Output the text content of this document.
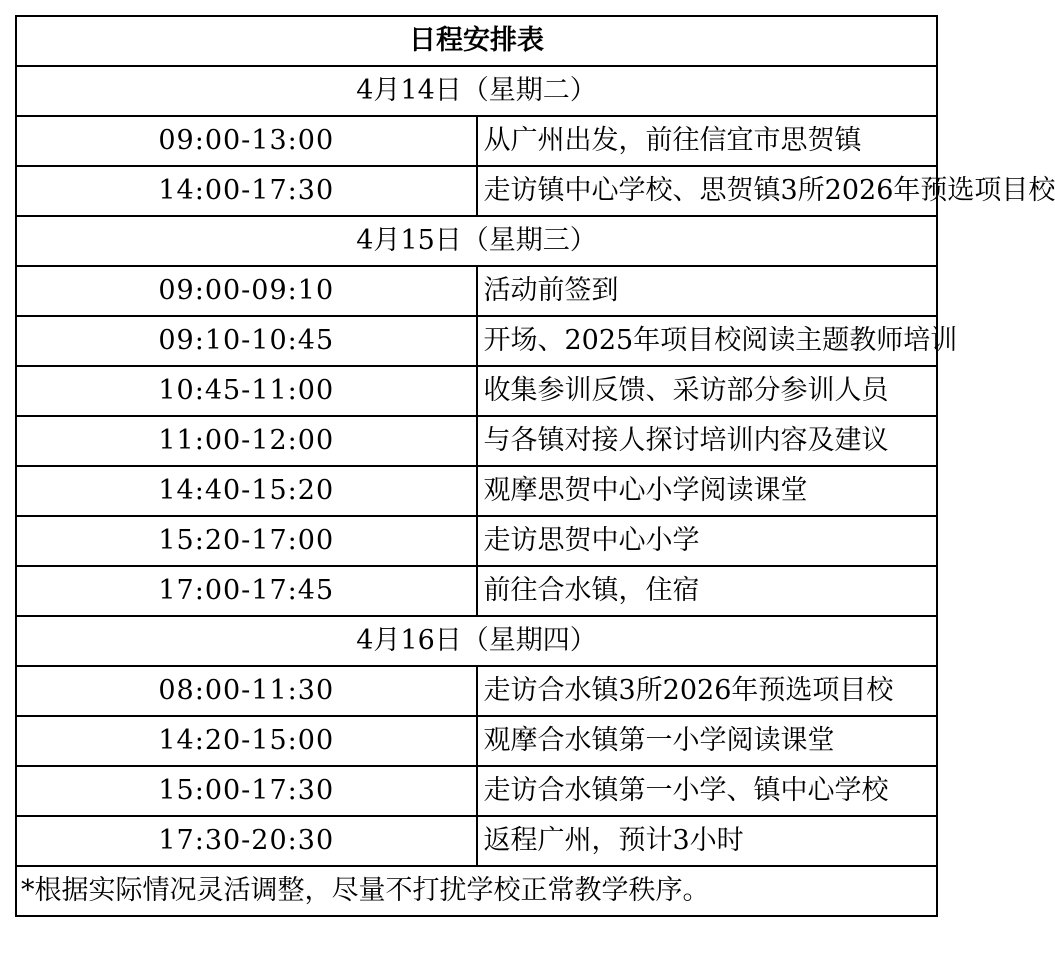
日程安排表	
4月14日（星期二）	
09:00-13:00	从广州出发，前往信宜市思贺镇
14:00-17:30	走访镇中心学校、思贺镇3所2026年预选项目校
4月15日（星期三）	
09:00-09:10	活动前签到
09:10-10:45	开场、2025年项目校阅读主题教师培训
10:45-11:00	收集参训反馈、采访部分参训人员
11:00-12:00	与各镇对接人探讨培训内容及建议
14:40-15:20	观摩思贺中心小学阅读课堂
15:20-17:00	走访思贺中心小学
17:00-17:45	前往合水镇，住宿
4月16日（星期四）	
08:00-11:30	走访合水镇3所2026年预选项目校
14:20-15:00	观摩合水镇第一小学阅读课堂
15:00-17:30	走访合水镇第一小学、镇中心学校
17:30-20:30	返程广州，预计3小时
*根据实际情况灵活调整，尽量不打扰学校正常教学秩序。	
